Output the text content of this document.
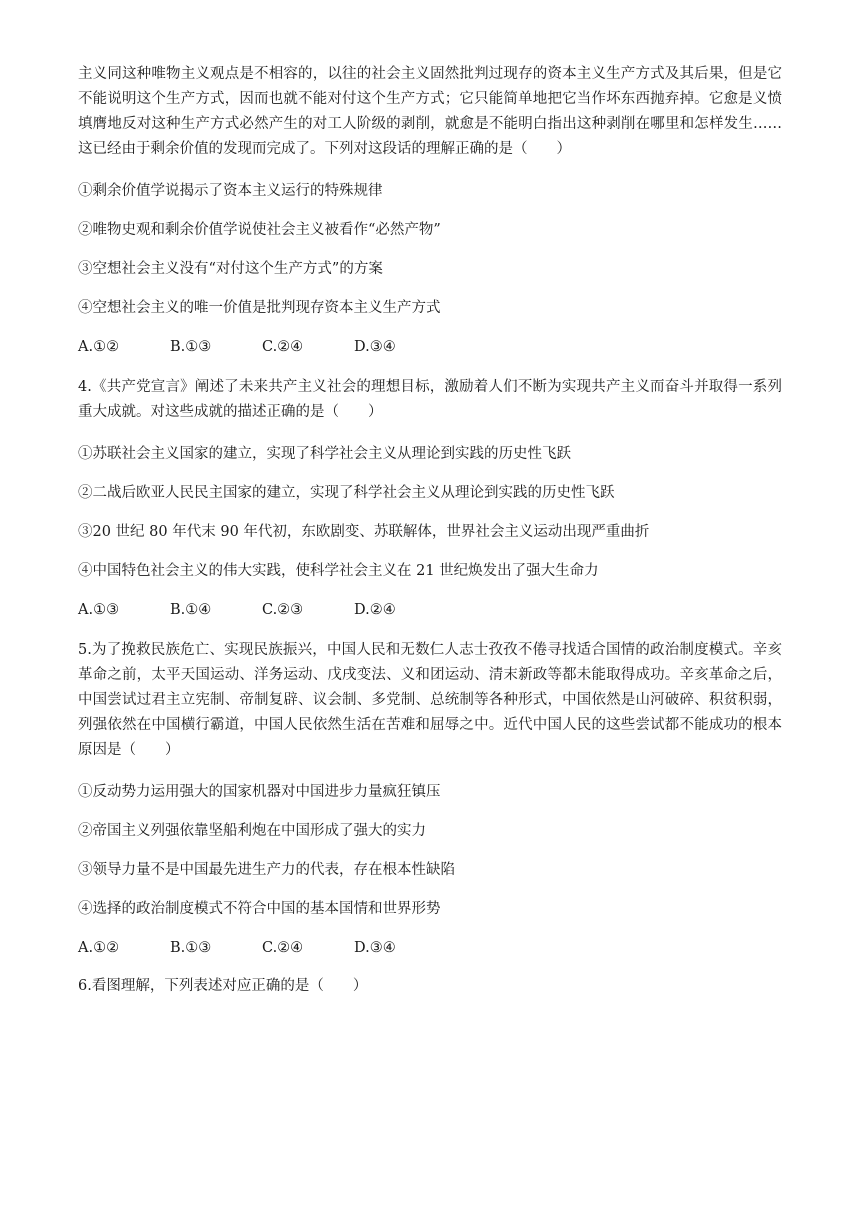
主义同这种唯物主义观点是不相容的，以往的社会主义固然批判过现存的资本主义生产方式及其后果，但是它不能说明这个生产方式，因而也就不能对付这个生产方式；它只能简单地把它当作坏东西抛弃掉。它愈是义愤填膺地反对这种生产方式必然产生的对工人阶级的剥削，就愈是不能明白指出这种剥削在哪里和怎样发生……这已经由于剩余价值的发现而完成了。下列对这段话的理解正确的是（　　）

①剩余价值学说揭示了资本主义运行的特殊规律

②唯物史观和剩余价值学说使社会主义被看作“必然产物”

③空想社会主义没有“对付这个生产方式”的方案

④空想社会主义的唯一价值是批判现存资本主义生产方式

A.①②	B.①③	C.②④	D.③④

4.《共产党宣言》阐述了未来共产主义社会的理想目标，激励着人们不断为实现共产主义而奋斗并取得一系列重大成就。对这些成就的描述正确的是（　　）

①苏联社会主义国家的建立，实现了科学社会主义从理论到实践的历史性飞跃

②二战后欧亚人民民主国家的建立，实现了科学社会主义从理论到实践的历史性飞跃

③20 世纪 80 年代末 90 年代初，东欧剧变、苏联解体，世界社会主义运动出现严重曲折

④中国特色社会主义的伟大实践，使科学社会主义在 21 世纪焕发出了强大生命力

A.①③	B.①④	C.②③	D.②④

5.为了挽救民族危亡、实现民族振兴，中国人民和无数仁人志士孜孜不倦寻找适合国情的政治制度模式。辛亥革命之前，太平天国运动、洋务运动、戊戌变法、义和团运动、清末新政等都未能取得成功。辛亥革命之后，中国尝试过君主立宪制、帝制复辟、议会制、多党制、总统制等各种形式，中国依然是山河破碎、积贫积弱，列强依然在中国横行霸道，中国人民依然生活在苦难和屈辱之中。近代中国人民的这些尝试都不能成功的根本原因是（　　）

①反动势力运用强大的国家机器对中国进步力量疯狂镇压

②帝国主义列强依靠坚船利炮在中国形成了强大的实力

③领导力量不是中国最先进生产力的代表，存在根本性缺陷

④选择的政治制度模式不符合中国的基本国情和世界形势

A.①②	B.①③	C.②④	D.③④

6.看图理解，下列表述对应正确的是（　　）
